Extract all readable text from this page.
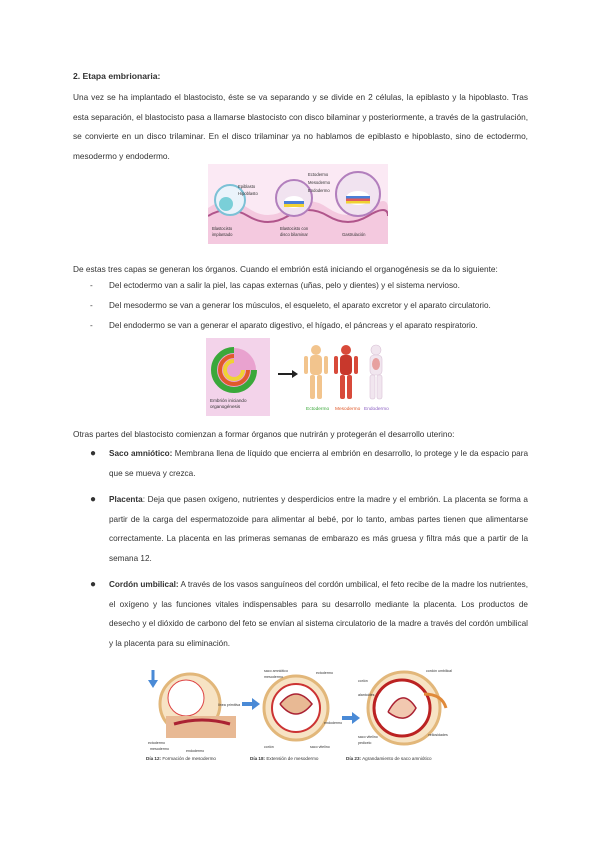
2. Etapa embrionaria:

Una vez se ha implantado el blastocisto, éste se va separando y se divide en 2 células, la epiblasto y la hipoblasto. Tras esta separación, el blastocisto pasa a llamarse blastocisto con disco bilaminar y posteriormente, a través de la gastrulación, se convierte en un disco trilaminar. En el disco trilaminar ya no hablamos de epiblasto e hipoblasto, sino de ectodermo, mesodermo y endodermo.

Epiblasto
Hipoblasto
Ectodermo
Mesodermo
Endodermo
Blastocisto
implantado
Blastocisto con
disco bilaminar	Gastrulación

De estas tres capas se generan los órganos. Cuando el embrión está iniciando el organogénesis se da lo siguiente:

- Del ectodermo van a salir la piel, las capas externas (uñas, pelo y dientes) y el sistema nervioso.
- Del mesodermo se van a generar los músculos, el esqueleto, el aparato excretor y el aparato circulatorio.
- Del endodermo se van a generar el aparato digestivo, el hígado, el páncreas y el aparato respiratorio.
Embrión iniciando
organogénesis
Ectodermo Mesodermo Endodermo

Otras partes del blastocisto comienzan a formar órganos que nutrirán y protegerán el desarrollo uterino:

● Saco amniótico: Membrana llena de líquido que encierra al embrión en desarrollo, lo protege y le da espacio para que se mueva y crezca.
● Placenta: Deja que pasen oxígeno, nutrientes y desperdicios entre la madre y el embrión. La placenta se forma a partir de la carga del espermatozoide para alimentar al bebé, por lo tanto, ambas partes tienen que alimentarse correctamente. La placenta en las primeras semanas de embarazo es más gruesa y filtra más que a partir de la semana 12.
● Cordón umbilical: A través de los vasos sanguíneos del cordón umbilical, el feto recibe de la madre los nutrientes, el oxígeno y las funciones vitales indispensables para su desarrollo mediante la placenta. Los productos de desecho y el dióxido de carbono del feto se envían al sistema circulatorio de la madre a través del cordón umbilical y la placenta para su eliminación.
ectodermo
mesodermo	endodermo
línea primitiva
saco amniótico
mesodermo
ectodermo
corión	saco vitelino
endodermo
cordón umbilical
corión
alantoides
vellosidades
saco vitelino
pedicelo
Día 12: Formación de mesodermo	Día 18: Extensión de mesodermo	Día 23: Agrandamiento de saco amniótico
